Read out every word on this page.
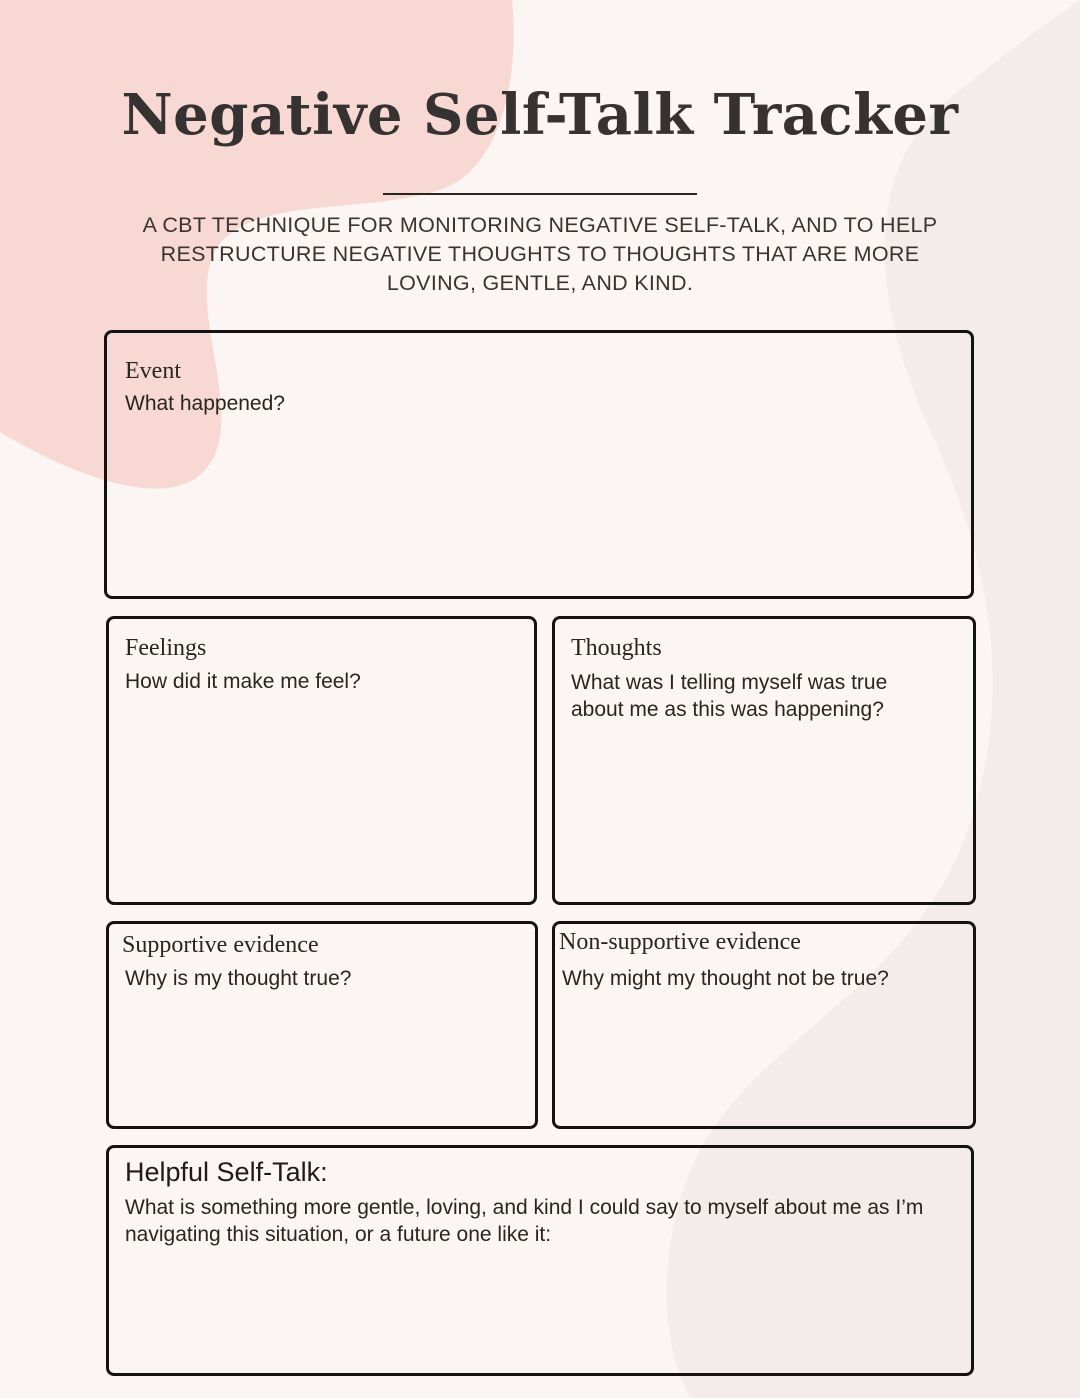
Negative Self-Talk Tracker
A CBT TECHNIQUE FOR MONITORING NEGATIVE SELF-TALK, AND TO HELP RESTRUCTURE NEGATIVE THOUGHTS TO THOUGHTS THAT ARE MORE LOVING, GENTLE, AND KIND.
Event
What happened?
Feelings
How did it make me feel?
Thoughts
What was I telling myself was true about me as this was happening?
Supportive evidence
Why is my thought true?
Non-supportive evidence
Why might my thought not be true?
Helpful Self-Talk:
What is something more gentle, loving, and kind I could say to myself about me as I’m navigating this situation, or a future one like it:
